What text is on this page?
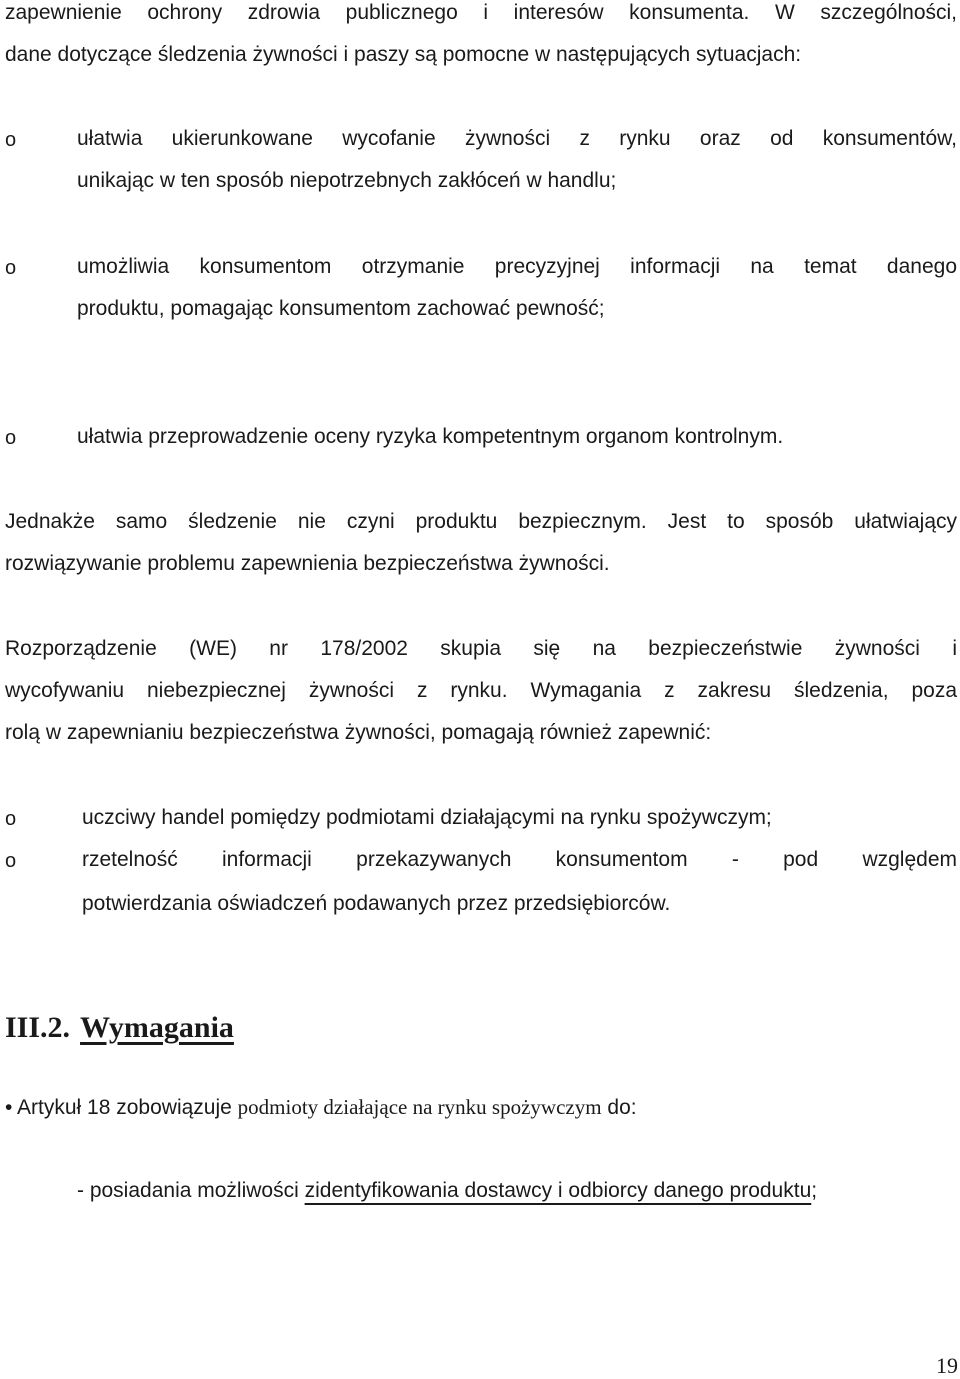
zapewnienie ochrony zdrowia publicznego i interesów konsumenta. W szczególności,
dane dotyczące śledzenia żywności i paszy są pomocne w następujących sytuacjach:
o	ułatwia ukierunkowane wycofanie żywności z rynku oraz od konsumentów,
unikając w ten sposób niepotrzebnych zakłóceń w handlu;
o	umożliwia konsumentom otrzymanie precyzyjnej informacji na temat danego
produktu, pomagając konsumentom zachować pewność;
o	ułatwia przeprowadzenie oceny ryzyka kompetentnym organom kontrolnym.
Jednakże samo śledzenie nie czyni produktu bezpiecznym. Jest to sposób ułatwiający
rozwiązywanie problemu zapewnienia bezpieczeństwa żywności.
Rozporządzenie (WE) nr 178/2002 skupia się na bezpieczeństwie żywności i
wycofywaniu niebezpiecznej żywności z rynku. Wymagania z zakresu śledzenia, poza
rolą w zapewnianiu bezpieczeństwa żywności, pomagają również zapewnić:
o	uczciwy handel pomiędzy podmiotami działającymi na rynku spożywczym;
o	rzetelność informacji przekazywanych konsumentom - pod względem
potwierdzania oświadczeń podawanych przez przedsiębiorców.
III.2. Wymagania
• Artykuł 18 zobowiązuje podmioty działające na rynku spożywczym do:
- posiadania możliwości zidentyfikowania dostawcy i odbiorcy danego produktu;
19
